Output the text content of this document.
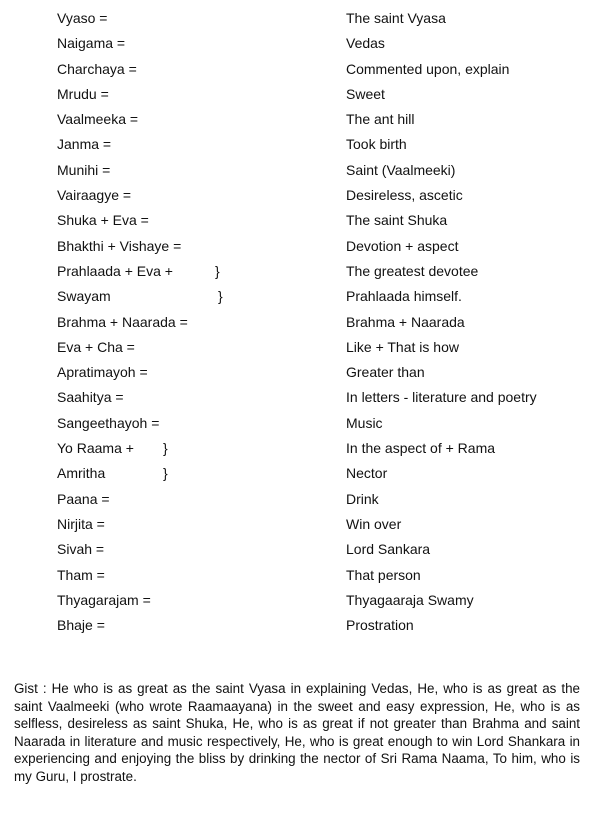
Vyaso =	The saint Vyasa
Naigama =	Vedas
Charchaya =	Commented upon, explain
Mrudu =	Sweet
Vaalmeeka =	The ant hill
Janma =	Took birth
Munihi =	Saint (Vaalmeeki)
Vairaagye =	Desireless, ascetic
Shuka + Eva =	The saint Shuka
Bhakthi + Vishaye =	Devotion + aspect
Prahlaada + Eva +	}	The greatest devotee
Swayam	}	Prahlaada himself.
Brahma + Naarada =	Brahma + Naarada
Eva + Cha =	Like + That is how
Apratimayoh =	Greater than
Saahitya =	In letters - literature and poetry
Sangeethayoh =	Music
Yo Raama + }	In the aspect of + Rama
Amritha	}	Nector
Paana =	Drink
Nirjita =	Win over
Sivah =	Lord Sankara
Tham =	That person
Thyagarajam =	Thyagaaraja Swamy
Bhaje =	Prostration

Gist : He who is as great as the saint Vyasa in explaining Vedas, He, who is as great as the saint Vaalmeeki (who wrote Raamaayana) in the sweet and easy expression, He, who is as selfless, desireless as saint Shuka, He, who is as great if not greater than Brahma and saint Naarada in literature and music respectively, He, who is great enough to win Lord Shankara in experiencing and enjoying the bliss by drinking the nector of Sri Rama Naama, To him, who is my Guru, I prostrate.
